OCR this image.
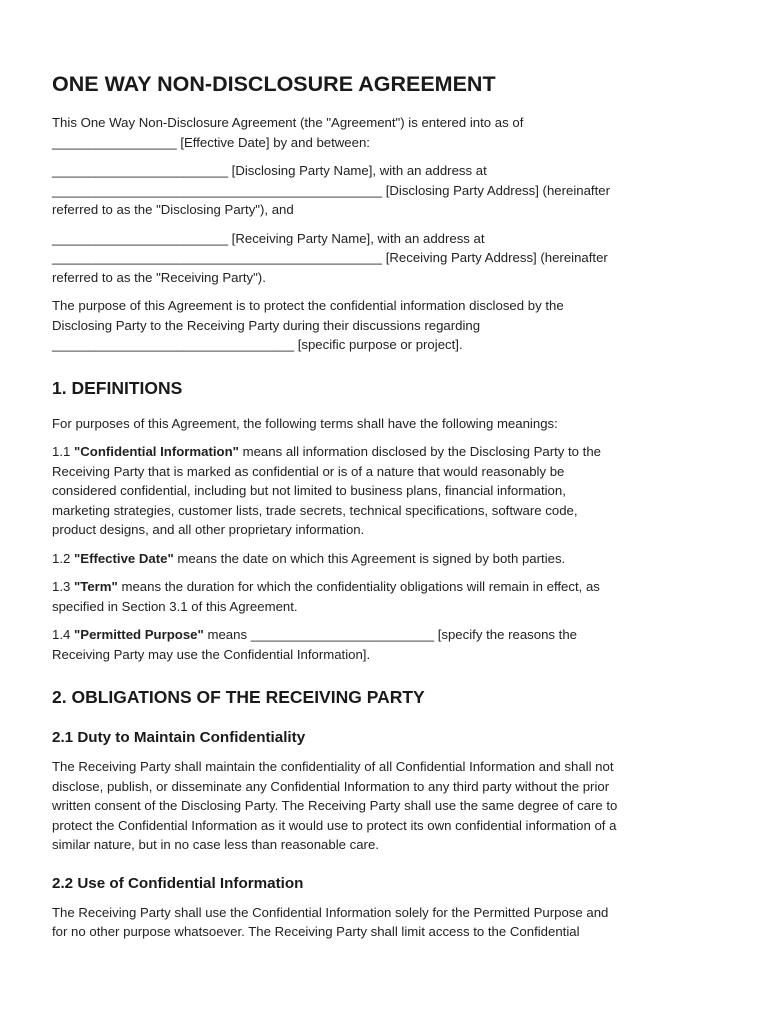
ONE WAY NON-DISCLOSURE AGREEMENT

This One Way Non-Disclosure Agreement (the "Agreement") is entered into as of
_________________ [Effective Date] by and between:

________________________ [Disclosing Party Name], with an address at
_____________________________________________ [Disclosing Party Address] (hereinafter
referred to as the "Disclosing Party"), and

________________________ [Receiving Party Name], with an address at
_____________________________________________ [Receiving Party Address] (hereinafter
referred to as the "Receiving Party").

The purpose of this Agreement is to protect the confidential information disclosed by the
Disclosing Party to the Receiving Party during their discussions regarding
_________________________________ [specific purpose or project].

1. DEFINITIONS

For purposes of this Agreement, the following terms shall have the following meanings:

1.1 "Confidential Information" means all information disclosed by the Disclosing Party to the
Receiving Party that is marked as confidential or is of a nature that would reasonably be
considered confidential, including but not limited to business plans, financial information,
marketing strategies, customer lists, trade secrets, technical specifications, software code,
product designs, and all other proprietary information.

1.2 "Effective Date" means the date on which this Agreement is signed by both parties.

1.3 "Term" means the duration for which the confidentiality obligations will remain in effect, as
specified in Section 3.1 of this Agreement.

1.4 "Permitted Purpose" means _________________________ [specify the reasons the
Receiving Party may use the Confidential Information].

2. OBLIGATIONS OF THE RECEIVING PARTY
2.1 Duty to Maintain Confidentiality

The Receiving Party shall maintain the confidentiality of all Confidential Information and shall not
disclose, publish, or disseminate any Confidential Information to any third party without the prior
written consent of the Disclosing Party. The Receiving Party shall use the same degree of care to
protect the Confidential Information as it would use to protect its own confidential information of a
similar nature, but in no case less than reasonable care.

2.2 Use of Confidential Information

The Receiving Party shall use the Confidential Information solely for the Permitted Purpose and
for no other purpose whatsoever. The Receiving Party shall limit access to the Confidential
